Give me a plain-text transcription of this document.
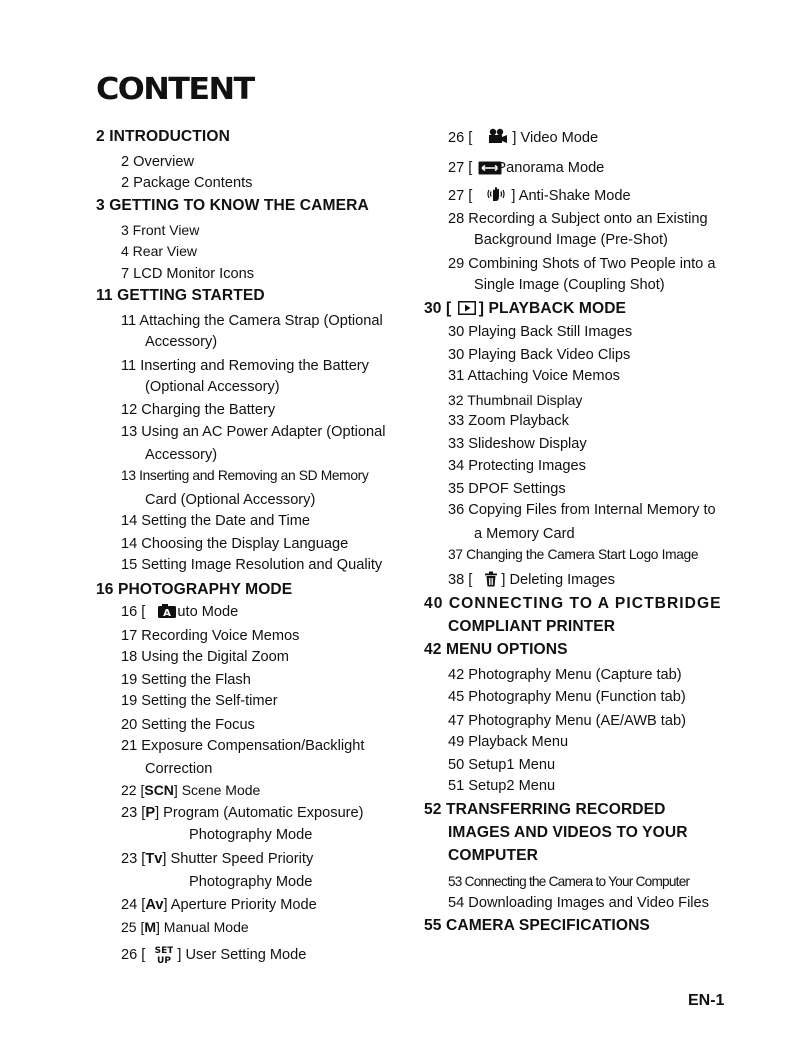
CONTENT
2 INTRODUCTION
2 Overview
2 Package Contents
3 GETTING TO KNOW THE CAMERA
3 Front View
4 Rear View
7 LCD Monitor Icons
11 GETTING STARTED
11 Attaching the Camera Strap (Optional
Accessory)
11 Inserting and Removing the Battery
(Optional Accessory)
12 Charging the Battery
13 Using an AC Power Adapter (Optional
Accessory)
13 Inserting and Removing an SD Memory
Card (Optional Accessory)
14 Setting the Date and Time
14 Choosing the Display Language
15 Setting Image Resolution and Quality
16 PHOTOGRAPHY MODE
16 [ A uto Mode
17 Recording Voice Memos
18 Using the Digital Zoom
19 Setting the Flash
19 Setting the Self-timer
20 Setting the Focus
21 Exposure Compensation/Backlight
Correction
22 [SCN] Scene Mode
23 [P] Program (Automatic Exposure)
Photography Mode
23 [Tv] Shutter Speed Priority
Photography Mode
24 [Av] Aperture Priority Mode
25 [M] Manual Mode
26 [ SET
UP ] User Setting Mode
26 [	] Video Mode
27 [ Panorama Mode
27 [	] Anti-Shake Mode
28 Recording a Subject onto an Existing
Background Image (Pre-Shot)
29 Combining Shots of Two People into a
Single Image (Coupling Shot)
30 [ ] PLAYBACK MODE
30 Playing Back Still Images
30 Playing Back Video Clips
31 Attaching Voice Memos
32 Thumbnail Display
33 Zoom Playback
33 Slideshow Display
34 Protecting Images
35 DPOF Settings
36 Copying Files from Internal Memory to
a Memory Card
37 Changing the Camera Start Logo Image
38 [ ] Deleting Images
40 CONNECTING TO A PICTBRIDGE
COMPLIANT PRINTER
42 MENU OPTIONS
42 Photography Menu (Capture tab)
45 Photography Menu (Function tab)
47 Photography Menu (AE/AWB tab)
49 Playback Menu
50 Setup1 Menu
51 Setup2 Menu
52 TRANSFERRING RECORDED
IMAGES AND VIDEOS TO YOUR
COMPUTER
53 Connecting the Camera to Your Computer
54 Downloading Images and Video Files
55 CAMERA SPECIFICATIONS
EN-1
